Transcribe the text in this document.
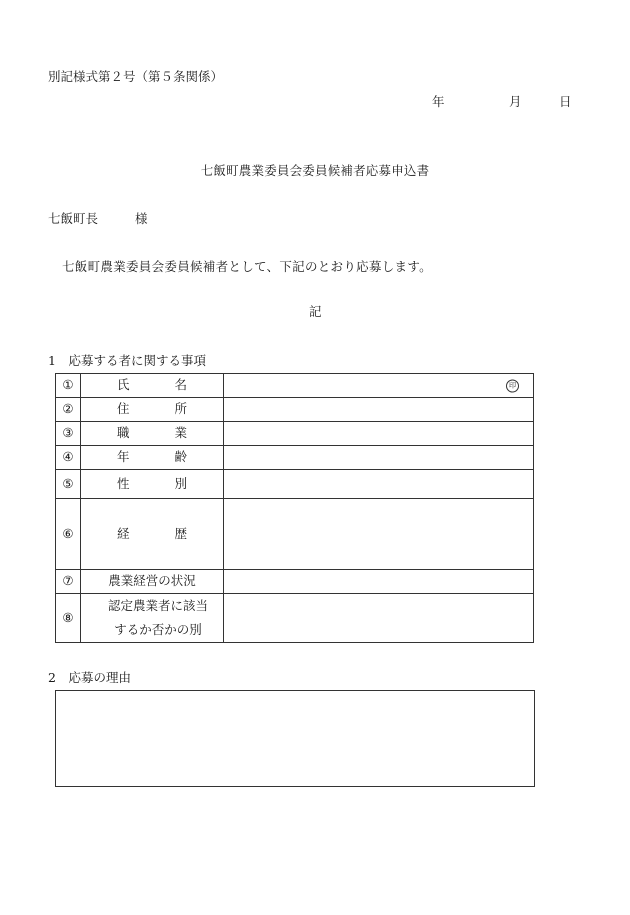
別記様式第２号（第５条関係）
年	月	日
七飯町農業委員会委員候補者応募申込書
七飯町長	様
七飯町農業委員会委員候補者として、下記のとおり応募します。
記
1　応募する者に関する事項
①	氏 名	印

②	住 所	

③	職 業	

④	年 齢	

⑤	性 別	

⑥	経 歴	

⑦	農業経営の状況	
⑧	認定農業者に該当
するか否かの別	

2　応募の理由
